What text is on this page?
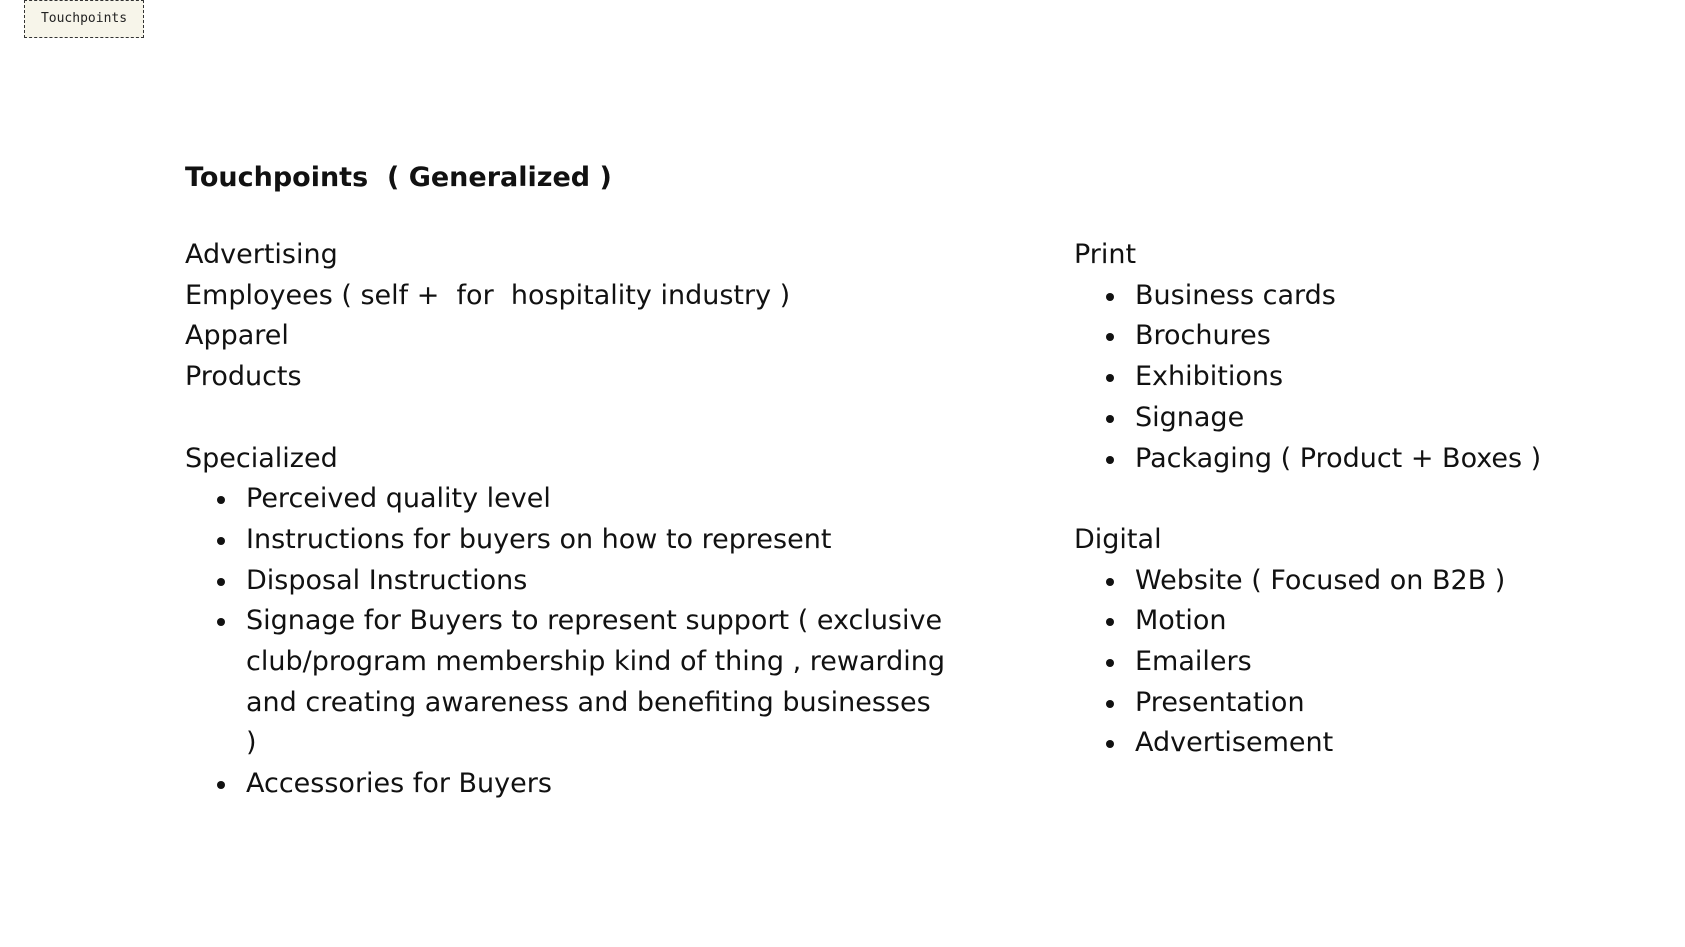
Touchpoints
Touchpoints  ( Generalized )

Advertising

Employees ( self +  for  hospitality industry )

Apparel

Products

Specialized

Perceived quality level
Instructions for buyers on how to represent
Disposal Instructions
Signage for Buyers to represent support ( exclusive club/program membership kind of thing , rewarding and creating awareness and benefiting businesses )
Accessories for Buyers

Print

Business cards
Brochures
Exhibitions
Signage
Packaging ( Product + Boxes )

Digital

Website ( Focused on B2B )
Motion
Emailers
Presentation
Advertisement
